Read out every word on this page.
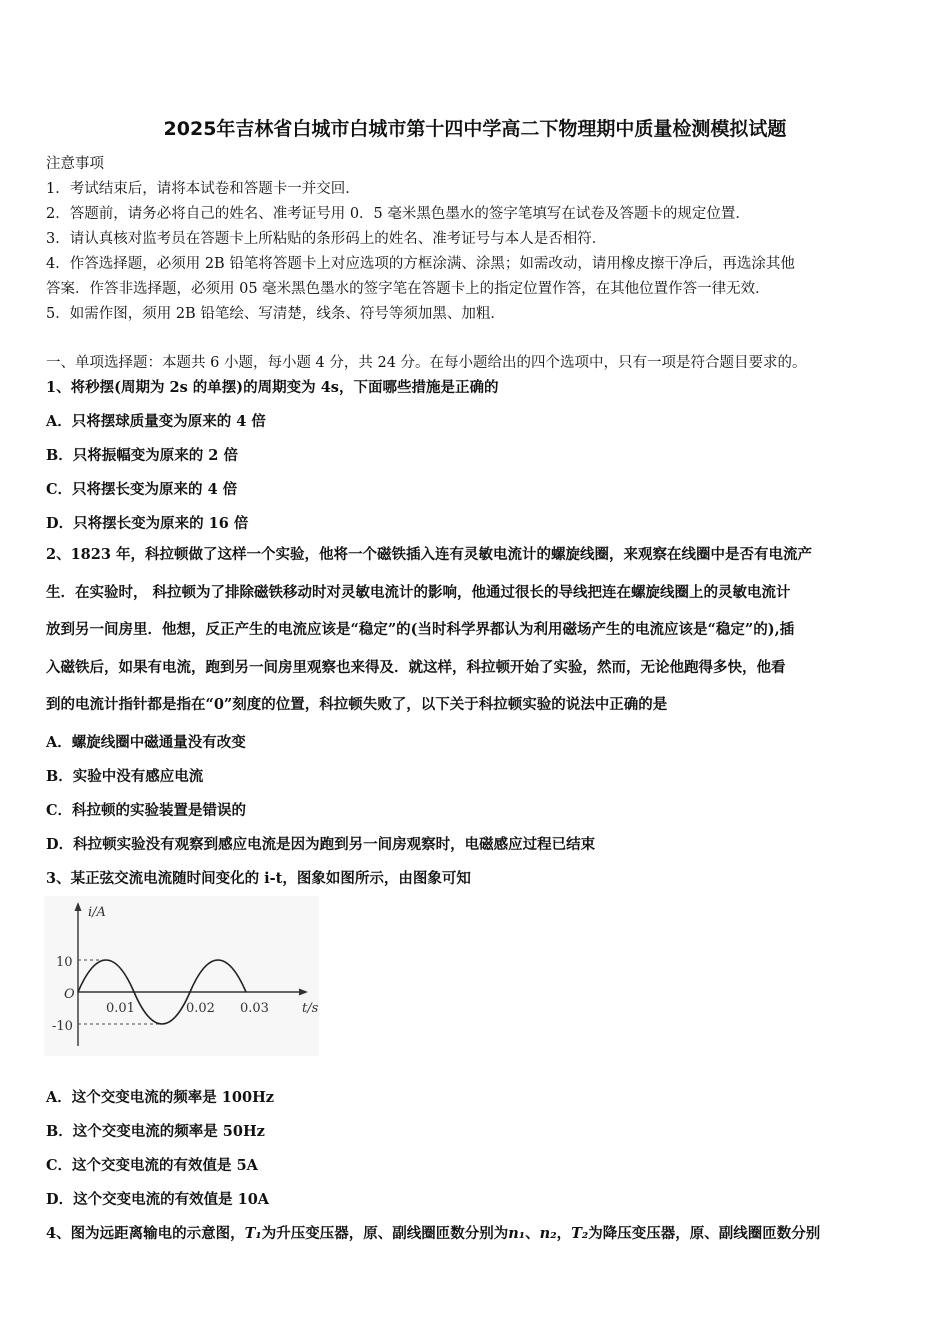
2025年吉林省白城市白城市第十四中学高二下物理期中质量检测模拟试题
注意事项
1．考试结束后，请将本试卷和答题卡一并交回．
2．答题前，请务必将自己的姓名、准考证号用 0．5 毫米黑色墨水的签字笔填写在试卷及答题卡的规定位置．
3．请认真核对监考员在答题卡上所粘贴的条形码上的姓名、准考证号与本人是否相符．
4．作答选择题，必须用 2B 铅笔将答题卡上对应选项的方框涂满、涂黑；如需改动，请用橡皮擦干净后，再选涂其他
答案．作答非选择题，必须用 05 毫米黑色墨水的签字笔在答题卡上的指定位置作答，在其他位置作答一律无效．
5．如需作图，须用 2B 铅笔绘、写清楚，线条、符号等须加黑、加粗．
一、单项选择题：本题共 6 小题，每小题 4 分，共 24 分。在每小题给出的四个选项中，只有一项是符合题目要求的。
1、将秒摆(周期为 2s 的单摆)的周期变为 4s，下面哪些措施是正确的
A．只将摆球质量变为原来的 4 倍
B．只将振幅变为原来的 2 倍
C．只将摆长变为原来的 4 倍
D．只将摆长变为原来的 16 倍
2、1823 年，科拉顿做了这样一个实验，他将一个磁铁插入连有灵敏电流计的螺旋线圈，来观察在线圈中是否有电流产
生．在实验时， 科拉顿为了排除磁铁移动时对灵敏电流计的影响，他通过很长的导线把连在螺旋线圈上的灵敏电流计
放到另一间房里．他想，反正产生的电流应该是“稳定”的(当时科学界都认为利用磁场产生的电流应该是“稳定”的),插
入磁铁后，如果有电流，跑到另一间房里观察也来得及．就这样，科拉顿开始了实验，然而，无论他跑得多快，他看
到的电流计指针都是指在“0”刻度的位置，科拉顿失败了，以下关于科拉顿实验的说法中正确的是
A．螺旋线圈中磁通量没有改变
B．实验中没有感应电流
C．科拉顿的实验装置是错误的
D．科拉顿实验没有观察到感应电流是因为跑到另一间房观察时，电磁感应过程已结束
3、某正弦交流电流随时间变化的 i-t，图象如图所示，由图象可知
i/A
10
-10
O
0.01	0.02 0.03	t/s
A．这个交变电流的频率是 100Hz
B．这个交变电流的频率是 50Hz
C．这个交变电流的有效值是 5A
D．这个交变电流的有效值是 10A
4、图为远距离输电的示意图，T₁为升压变压器，原、副线圈匝数分别为n₁、n₂，T₂为降压变压器，原、副线圈匝数分别
